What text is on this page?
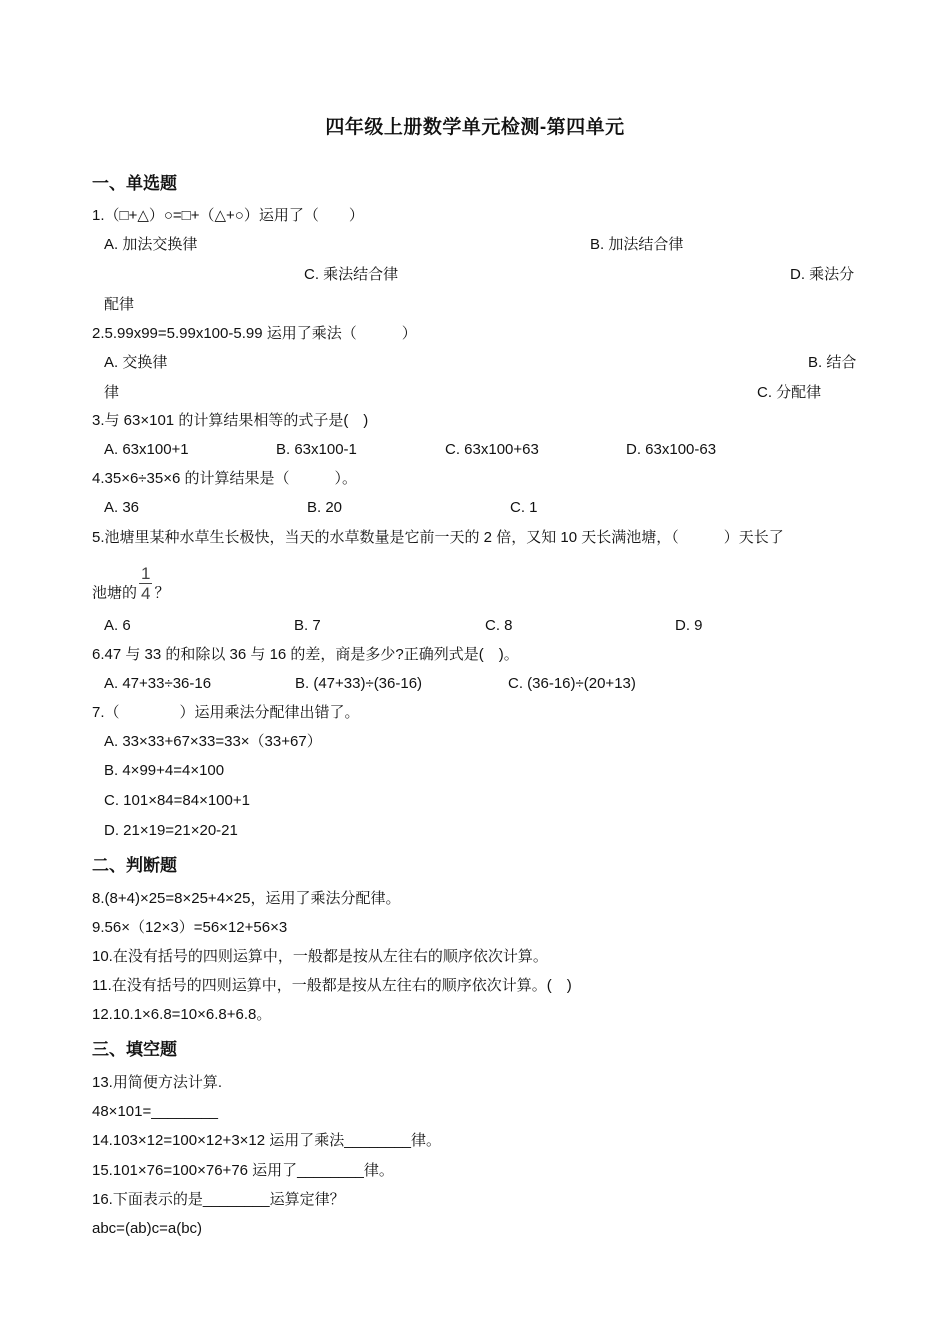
四年级上册数学单元检测-第四单元
一、单选题
1.（□+△）○=□+（△+○）运用了（　　）
A. 加法交换律	B. 加法结合律
C. 乘法结合律	D. 乘法分
配律
2.5.99x99=5.99x100-5.99 运用了乘法（　　　）
A. 交换律	B. 结合
律	C. 分配律
3.与 63×101 的计算结果相等的式子是(　)
A. 63x100+1	B. 63x100-1	C. 63x100+63	D. 63x100-63
4.35×6÷35×6 的计算结果是（　　　）。
A. 36	B. 20	C. 1
5.池塘里某种水草生长极快，当天的水草数量是它前一天的 2 倍，又知 10 天长满池塘，（　　　）天长了
池塘的 $\frac{1}{4}$ ？
A. 6	B. 7	C. 8	D. 9
6.47 与 33 的和除以 36 与 16 的差，商是多少?正确列式是(　)。
A. 47+33÷36-16	B. (47+33)÷(36-16)	C. (36-16)÷(20+13)
7.（　　　　）运用乘法分配律出错了。
A. 33×33+67×33=33×（33+67）
B. 4×99+4=4×100
C. 101×84=84×100+1
D. 21×19=21×20-21
二、判断题
8.(8+4)×25=8×25+4×25，运用了乘法分配律。
9.56×（12×3）=56×12+56×3
10.在没有括号的四则运算中，一般都是按从左往右的顺序依次计算。
11.在没有括号的四则运算中，一般都是按从左往右的顺序依次计算。(　)
12.10.1×6.8=10×6.8+6.8。
三、填空题
13.用简便方法计算.
48×101=________
14.103×12=100×12+3×12 运用了乘法________律。
15.101×76=100×76+76 运用了________律。
16.下面表示的是________运算定律？
abc=(ab)c=a(bc)
